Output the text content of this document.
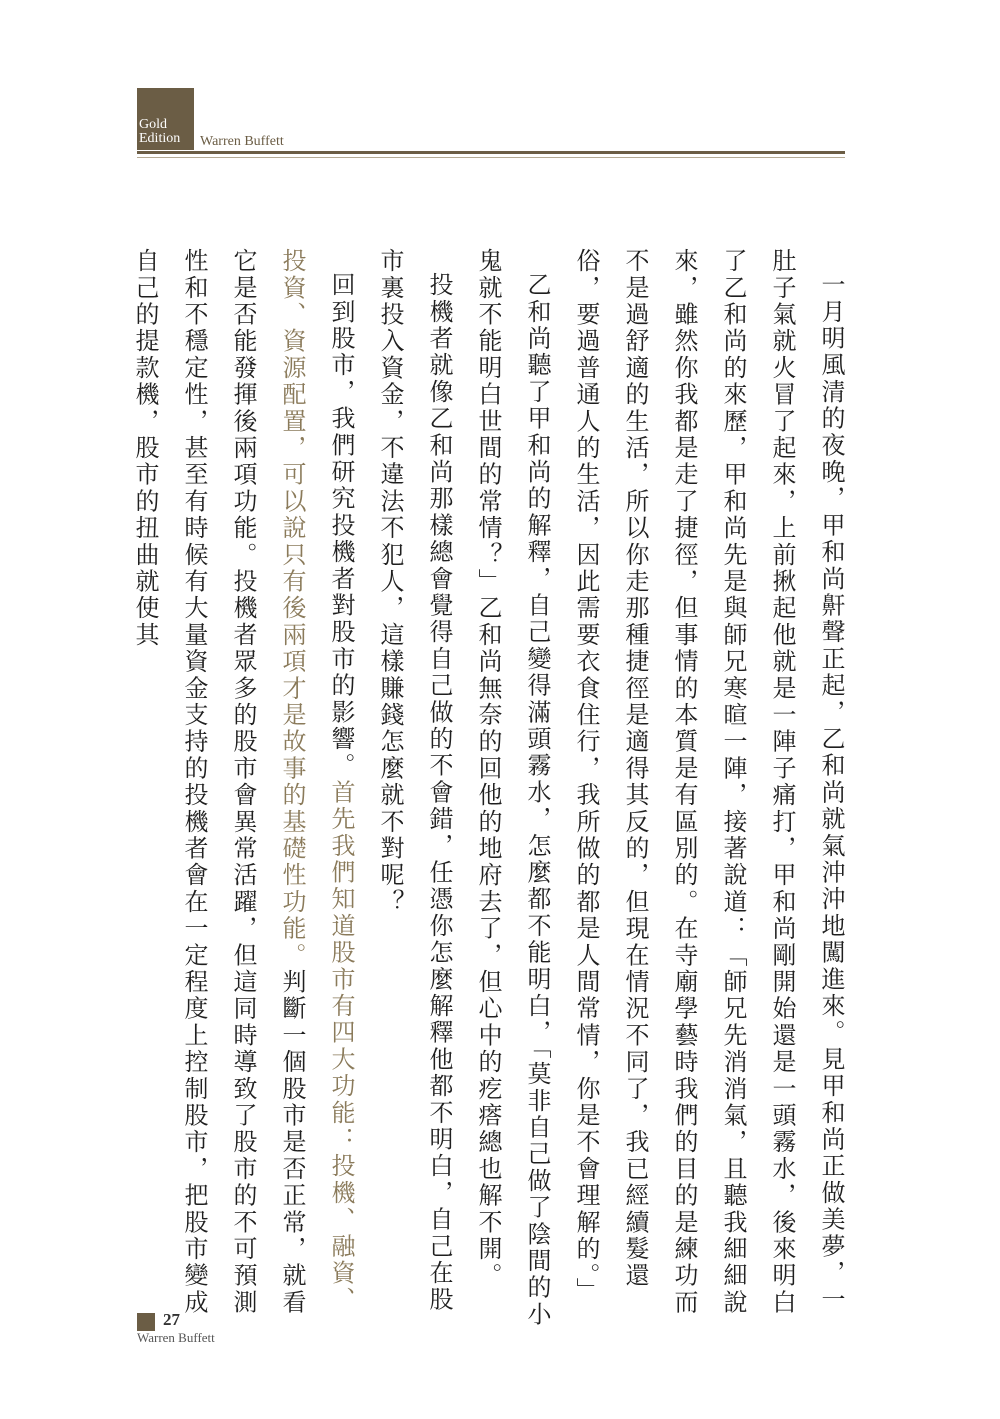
Gold
Edition	Warren Buffett

一月明風清的夜晚，甲和尚鼾聲正起，乙和尚就氣沖沖地闖進來。見甲和尚正做美夢，一肚子氣就火冒了起來，上前揪起他就是一陣子痛打，甲和尚剛開始還是一頭霧水，後來明白了乙和尚的來歷，甲和尚先是與師兄寒暄一陣，接著說道：「師兄先消消氣，且聽我細細說來，雖然你我都是走了捷徑，但事情的本質是有區別的。在寺廟學藝時我們的目的是練功而不是過舒適的生活，所以你走那種捷徑是適得其反的，但現在情況不同了，我已經續髮還俗，要過普通人的生活，因此需要衣食住行，我所做的都是人間常情，你是不會理解的。」

乙和尚聽了甲和尚的解釋，自己變得滿頭霧水，怎麼都不能明白，「莫非自己做了陰間的小鬼就不能明白世間的常情？」乙和尚無奈的回他的地府去了，但心中的疙瘩總也解不開。

投機者就像乙和尚那樣總會覺得自己做的不會錯，任憑你怎麼解釋他都不明白，自己在股市裏投入資金，不違法不犯人，這樣賺錢怎麼就不對呢？

回到股市，我們研究投機者對股市的影響。首先我們知道股市有四大功能：投機、融資、投資、資源配置，可以說只有後兩項才是故事的基礎性功能。判斷一個股市是否正常，就看它是否能發揮後兩項功能。投機者眾多的股市會異常活躍，但這同時導致了股市的不可預測性和不穩定性，甚至有時候有大量資金支持的投機者會在一定程度上控制股市，把股市變成自己的提款機，股市的扭曲就使其

27
Warren Buffett
